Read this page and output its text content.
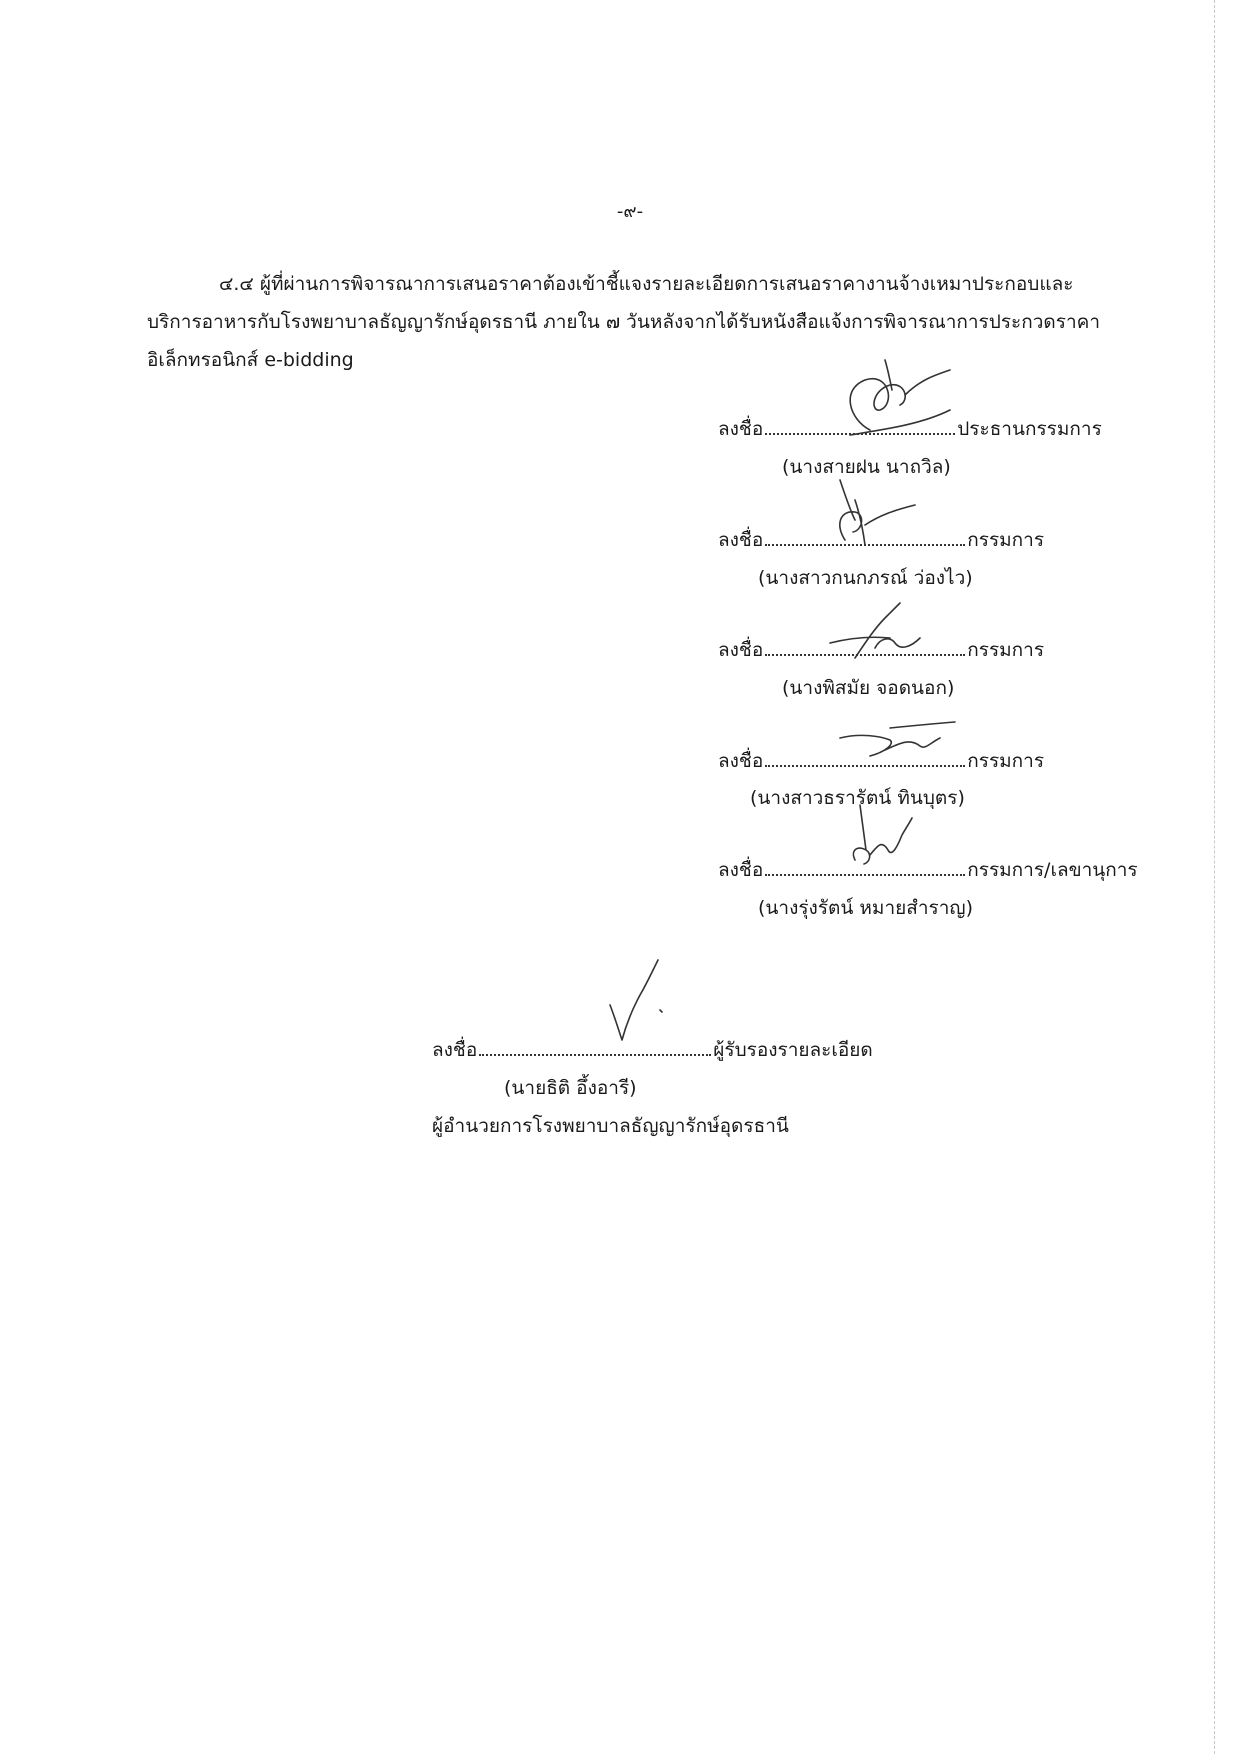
-๙-

๔.๔ ผู้ที่ผ่านการพิจารณาการเสนอราคาต้องเข้าชี้แจงรายละเอียดการเสนอราคางานจ้างเหมาประกอบและ

บริการอาหารกับโรงพยาบาลธัญญารักษ์อุดรธานี ภายใน ๗ วันหลังจากได้รับหนังสือแจ้งการพิจารณาการประกวดราคา

อิเล็กทรอนิกส์ e-bidding

ลงชื่อ	ประธานกรรมการ
(นางสายฝน นาถวิล)
ลงชื่อ	กรรมการ
(นางสาวกนกภรณ์ ว่องไว)
ลงชื่อ	กรรมการ
(นางพิสมัย จอดนอก)
ลงชื่อ	กรรมการ
(นางสาวธรารัตน์ ทินบุตร)
ลงชื่อ	กรรมการ/เลขานุการ
(นางรุ่งรัตน์ หมายสำราญ)
ลงชื่อ	ผู้รับรองรายละเอียด
(นายธิติ อึ้งอารี)
ผู้อำนวยการโรงพยาบาลธัญญารักษ์อุดรธานี
